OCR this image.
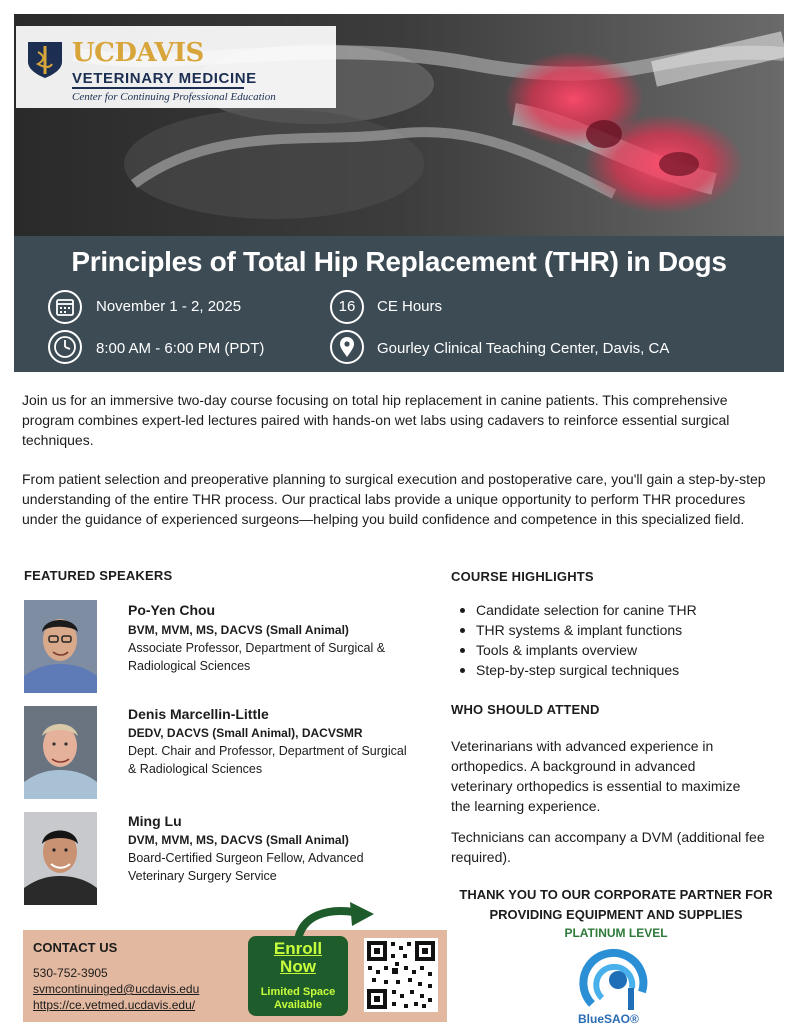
UCDAVIS
VETERINARY MEDICINE
Center for Continuing Professional Education
Principles of Total Hip Replacement (THR) in Dogs
November 1 - 2, 2025	16	CE Hours
8:00 AM - 6:00 PM (PDT)	Gourley Clinical Teaching Center, Davis, CA

Join us for an immersive two-day course focusing on total hip replacement in canine patients. This comprehensive program combines expert-led lectures paired with hands-on wet labs using cadavers to reinforce essential surgical techniques.

From patient selection and preoperative planning to surgical execution and postoperative care, you'll gain a step-by-step understanding of the entire THR process. Our practical labs provide a unique opportunity to perform THR procedures under the guidance of experienced surgeons—helping you build confidence and competence in this specialized field.

FEATURED SPEAKERS
Po-Yen Chou
BVM, MVM, MS, DACVS (Small Animal)
Associate Professor, Department of Surgical & Radiological Sciences
Denis Marcellin-Little
DEDV, DACVS (Small Animal), DACVSMR
Dept. Chair and Professor, Department of Surgical & Radiological Sciences
Ming Lu
DVM, MVM, MS, DACVS (Small Animal)
Board-Certified Surgeon Fellow, Advanced Veterinary Surgery Service
COURSE HIGHLIGHTS
Candidate selection for canine THR
THR systems & implant functions
Tools & implants overview
Step-by-step surgical techniques
WHO SHOULD ATTEND

Veterinarians with advanced experience in orthopedics. A background in advanced veterinary orthopedics is essential to maximize the learning experience.

Technicians can accompany a DVM (additional fee required).

THANK YOU TO OUR CORPORATE PARTNER FOR PROVIDING EQUIPMENT AND SUPPLIES
PLATINUM LEVEL
BlueSAO®
CONTACT US
530-752-3905
svmcontinuinged@ucdavis.edu
https://ce.vetmed.ucdavis.edu/
Enroll Now
Limited Space Available
